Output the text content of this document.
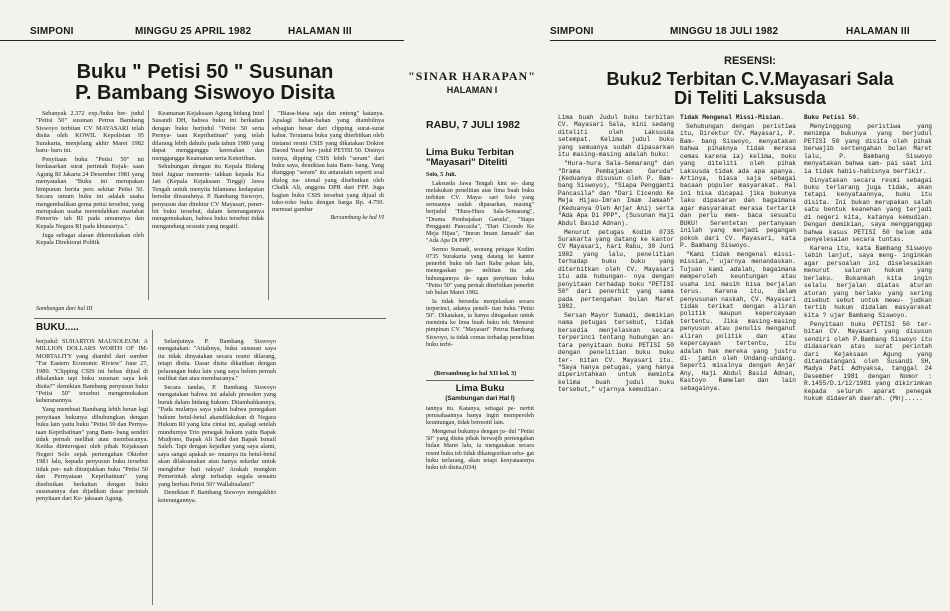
SIMPONI	MINGGU 25 APRIL 1982	HALAMAN III
Buku " Petisi 50 " Susunan
P. Bambang Siswoyo Disita

Sebanyak 2.372 exp./buku ber- judul "Petisi 50" susunan Petrus Bambang Siswoyo terbitan CV MAYASARI telah disita oleh KOWIL Kepolisian 95 Surakarta, menjelang akhir Maret 1982 baru- baru ini.

Penyitaan buku "Petisi 50" ini berdasarkan surat perintah Kejak- saan Agung RI Jakarta 24 Desember 1981 yang menyatakan "Buku ini merupakan himpunan berita pers sekitar Petisi 50. Secara umum buku ini adalah usaha mengembalikan gema petisi tersebut, yang merupakan usaha merendahkan martabat Pemerin- tah RI pada umumnya dan Kepala Negara RI pada khususnya.".

Juga sebagai alasan dikemukakan oleh Kepala Direktorat Politik

Keamanan Kejaksaan Agung bidang Intel Susandi DH, bahwa buku ini berkaitan dengan buku berjudul "Petisi 50 serta Pernya- taan Keprihatinan" yang telah dilarang lebih dahulu pada tahun 1980 yang dapat mengganggu keresahan dan mengganggu Keamanan serta Ketertiban.

Sehubungan dengan itu Kepala Bidang Intel Jaguar memerin- tahkan kepada Ka Jati (Kepala Kejaksaan Tinggi) Jawa Tengah untuk menyita bilamana kedapatan beredar diwarahnya. P. Bambang Siswoyo, penyusun dan direktur CV Mayasari, pener- bit buku tersebut, dalam keterangannya mengemukakan, bahwa buku tersebut tidak mengandung sesuatu yang negatif.

"Biasa-biasa saja dan enteng" katanya. Apalagi bahan-bahan yang diambilnya sebagian besar dari clipping surat-surat kabar. Terutama buku yang diterbitkan oleh instansi resmi CSIS yang dikatakan Doktor Daoed Yusuf ber- judul PETISI 50. Disinya isinya, dipping CSIS lebih "seram" dari buku saya, demikian kata Bam- bang. Yang dianggap "seram" itu antaralain seperti soal dialog na- sional yang disebutkan oleh Chalik Ali, anggota DPR dari FPP. Juga bagian buku CSIS tersebut yang dijual di toko-toko buku dengan harga Rp. 4.750. memuat gambar

Bersambung ke hal VI

Sambungan dari hal III
BUKU.....

berjudul: SUHARTOS MAUSOLEUM: A MILLION DOLLARS WORTH OF IM- MORTALITY yang diambil dari sumber "Far Eastern Economic Riview" June 27, 1980. "Clipping CSIS ini bebas dijual di dikalankan tapi buku susunan saya kok disita?" demikian Bambang penyusun buku "Petisi 50" tersebut mengemukakan keheranannya.

Yang membuat Bambang lebih heran lagi penyitaan bukunya dihubungkan dengan buku lain yaitu buku "Petisi 50 dan Pernya- taan Keprihatinan" yang Bam- bang sendiri tidak pernah melihat atau membacanya. Ketika diinterogasi oleh pihak Kejaksaan Negeri Solo sejak pertengahan Oktober 1981 lalu, kepada penyusun buku tersebut tidak per- nah ditunjukkan buku "Petisi 50 dan Pernyataan Keprihatinan" yang disebutkan berkaitan dengan buku susunannya dan dijadikan dasar perintah penyitaan dari Ke- jaksaan Agung.

Selanjutnya P. Bambang Siswoyo mengatakan: "Aitalınya, buku susunan saya itu tidak dinyatakan secara resmi dilarang, tetapi disita. Dasar disita dikaitkan dengan pelarangan buku lain yang saya belum pernah melihat dan atau membacanya."

Secara tandas, P. Bambang Siswoyo mengatakan bahwa ini adalah preseden yang buruk dalam bidang hukum. Ditambahkannya, "Pada mulanya saya yakin bahwa penegakan hukum betul-betul akandilakukan di Negara Hukum RI yang kita cintai ini, apalagi setelah mundurnya Trio penegak hukum yaitu Bapak Mudjono, Bapak Ali Said dan Bapak Ismail Saleh. Tapi dengan kejadian yang saya alami, saya sangsi apakah se- muanya itu betul-betul akan dilaksanakan atau hanya sekedar untuk menghibur hati rakyat? Arakah mungkin Pemerintah alergi terhadap segala sesuatu yang berbau Petisi 50? Wallahualam!"

Demikian P. Bambang Siswoyo mengakhiri keterangannya.

"SINAR HARAPAN"
HALAMAN I
RABU, 7 JULI 1982
Lima Buku Terbitan "Mayasari" Diteliti

Solo, 5 Juli.

Laksusda Jawa Tengah kini se- dang melakukan penelitian atas lima buah buku terbitan CV. Maya- sari Solo yang semuanya sudah dipasarkan, masing" berjudul "Hura-Hura Sala-Semarang", "Drama Pembajakan Garuda", "Siapa Pengganti Pancasila", "Dari Cicendo Ke Meja Hijau", "Imran Imam Jamaah" dan "Ada Apa Di PPP".

Sermo Sumadi, seorang petugas Kodim 0735 Surakarta yang datang ke kantor penerbit buku tsb hari Rabu pekan lalu, menegaskan pe- nelitian itu ada hubungannya de- ngan penyitaan buku "Petisi 50" yang pernah diterbitkan penerbit tsb bulan Maret 1982.

Ia tidak bersedia menjelaskan secara terperinci, adanya peneli- tian buku "Petisi 50". Dikatakan, ia hanya ditugaskan untuk meminta ke lima buah buku tsb. Menurut pimpinan CV. "Mayasari" Petrus Bambang Siswoyo, ia tidak cemas terhadap penelitian buku terbi-

(Bersambung ke hal XII kol. 3)
Lima Buku
(Sambungan dari Hal I)

tannya itu. Katanya, sebagai pe- nerbit perusahaannya hanya ingin memperoleh keuntungan, tidak bermotif lain.

Mengenai bukunya dengan ju- dul "Petisi 50" yang disita pihak berwajib pertengahan bulan Maret lalu, ia mengatakan secara resmi buku tsb tidak dikategorikan seba- gai buku terlarang, akan tetapi kenyataannya buku tsb disita.(034)

SIMPONI	MINGGU 18 JULI 1982	HALAMAN III
RESENSI:
Buku2 Terbitan C.V.Mayasari Sala
Di Teliti Laksusda

Lima buah Judul buku terbitan CV. Mayasari Sala, kini sedang diteliti oleh Laksusda setempat. Kelima judul buku yang semuanya sudah dipasarkan itu masing-masing adalah buku:

"Hura-hura Sala-Semarang" dan "Drama Pembajakan Garuda" (Keduanya disusun oleh P. Bam- bang Siswoyo), "Siapa Pengganti Pancasila" dan "Dari Cicendo Ke Meja Hijau-Imran Imam Jamaah" (Keduanya Oleh Anjar Ani) serta "Ada Apa Di PPP", (Susunan Haji Abdul Basid Adnan).

Menurut petugas Kodim 0735 Surakarta yang datang ke kantor CV Mayasari, hari Rabu, 30 Juni 1982 yang lalu, penelitian terhadap buku buku yang diterbitkan oleh CV. Mayasari itu ada hubungan- nya dengan penyitaan terhadap buku "PETISI 50" dari penerbit yang sama pada pertengahan bulan Maret 1982.

Sersan Mayor Sumadi, demikian nama petugas tersebut, tidak bersedia menjelaskan secara terperinci tentang hubungan an- tara penyitaan buku PETISI 50 dengan penelitian buku buku ter- bitan CV. Mayasari itu. "Saya hanya petugas, yang hanya diperintahkan untuk meminta kelima buah judul buku tersebut," ujarnya kemudian.

Tidak Mengenal Missi-Misian.

Sehubungan dengan peristiwa itu, Direktur CV. Mayasari, P. Bam- bang Siswoyo, menyatakan bahwa pihaknya tidak merasa cemas karena ia) kelima, buku yang diteliti oleh pihak Laksusda tidak ada apa apanya. Artinya, biasa saja sebagai bacaan populer masyarakat. Hal ini bisa dicapai jika bukunya laku dipasaran dan bagaimana agar masyarakat merasa tertarik dan perlu mem- baca sesuatu BUKU! Serentetan pertanyaan inilah yang menjadi pegangan pokok dari CV. Mayasari, kata P. Bambang Siswoyo.

"Kami tidak mengenal missi- missian," ujarnya menandaskan. Tujuan kami adalah, bagaimana memperoleh keuntungan atau usaha ini masih bisa berjalan terus. Karena itu, dalam penyusunan naskah, CV. Mayasari tidak terikat dengan aliran politik maupun kepercayaan tertentu. Jika masing-masing penyusun atau penulis menganut aliran politik dan atau kepercayaan tertentu, itu adalah hak mereka yang justru di- jamin oleh Undang-undang. Seperti misalnya dengan Anjar Any, Haji Abdul Basid Adnan, Kastoyo Ramelan dan lain sebagainya.

Buku Petisi 50.

Menyinggung peristiwa yang menimpa bukunya yang berjudul PETISI 50 yang disita oleh pihak berwajib sertengahan bulan Maret lalu, P. Bambang Siswoyo menyatakan bahwa sam- pai saat ini ia tidak habis-habisnya berfikir.

Dinyatakan secara resmi sebagai buku terlarang juga tidak, akan tetapi kenyataannya, buku itu disita. Ini bukan merupakan salah satu bentuk keanehan yang terjadi di negeri kita, katanya kemudian. Dengan demikian, saya mengganggap bahwa kasus PETISI 50 belum ada penyelesaian secara tuntas.

Karena itu, kata Bambang Siswoyo lebih lanjut, saya meng- inginkan agar persoalan ini diselesaikan menurut saluran hukum yang berlaku. Bukankah kita ingin selalu berjalan diatas aturan aturan yang berlaku yang sering disebut sebut untuk mewu- judkan tertib hukum didalam masyarakat kita ? ujar Bambang Siswoyo.

Penyitaan buku PETISI 50 ter- bitan CV. Mayasari yang disusun sendiri oleh P.Bambang Siswoyo itu didasarkan atas surat perintah dari Kejaksaan Agung yang ditandatangani oleh Susandi SH, Madya Pati Adhyaksa, tanggal 24 Desember 1981 dengan Nomor : R.1455/D.1/12/1981 yang dikirimkan kepada seluruh aparat penegak hukum didaerah daerah. (Mn).....
